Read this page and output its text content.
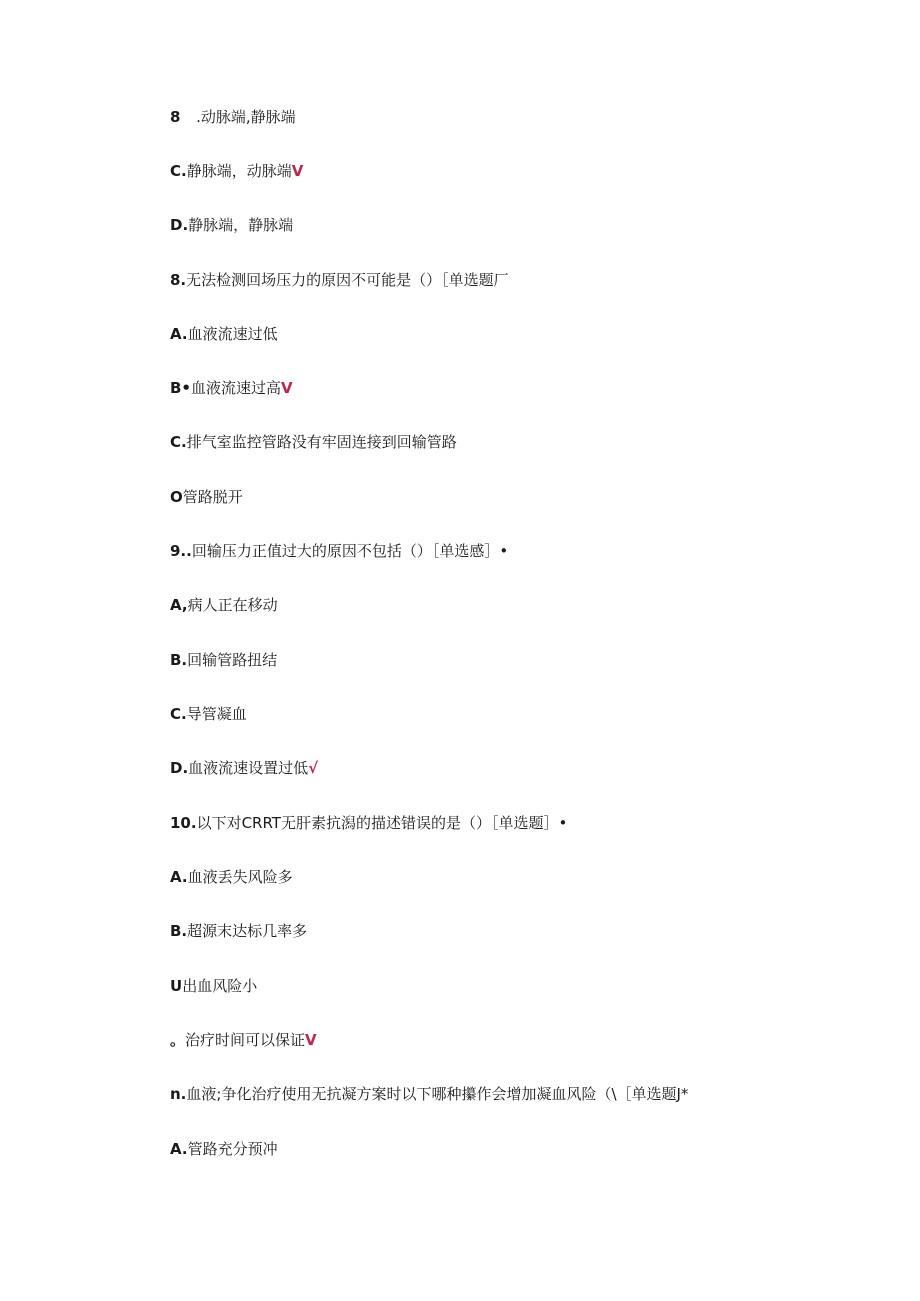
8   .动脉端,静脉端
C.静脉端，动脉端V
D.静脉端，静脉端
8.无法检测回场压力的原因不可能是（）［单选题厂
A.血液流速过低
B•血液流速过高V
C.排气室监控管路没有牢固连接到回输管路
O管路脱开
9..回输压力正值过大的原因不包括（）［单选感］•
A,病人正在移动
B.回输管路扭结
C.导管凝血
D.血液流速设置过低√
10.以下对CRRT无肝素抗潟的描述错误的是（）［单选题］•
A.血液丢失风险多
B.超源末达标几率多
U出血风险小
。治疗时间可以保证V
n.血液;争化治疗使用无抗凝方案时以下哪种攥作会增加凝血风险（\［单选题J*
A.管路充分预冲
